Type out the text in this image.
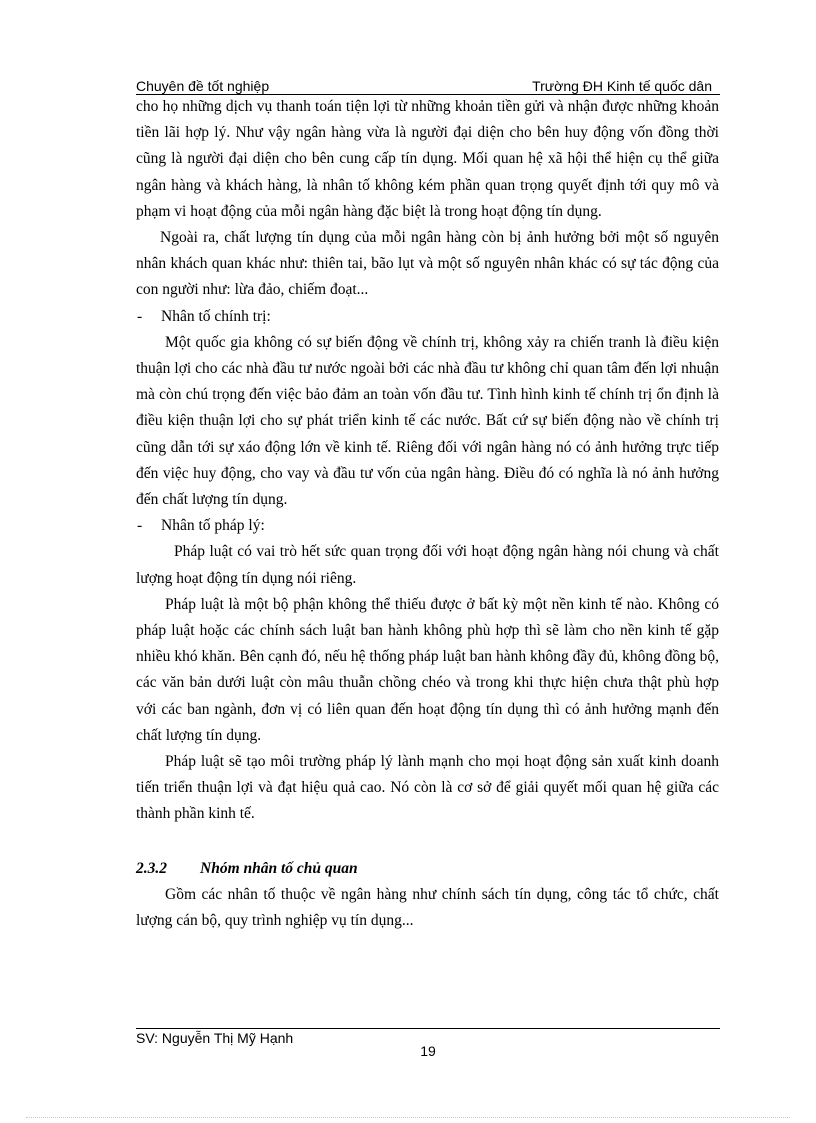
Chuyên đề tốt nghiệp	Trường ĐH Kinh tế quốc dân

cho họ những dịch vụ thanh toán tiện lợi từ những khoản tiền gửi và nhận được những khoản tiền lãi hợp lý. Như vậy ngân hàng vừa là người đại diện cho bên huy động vốn đồng thời cũng là người đại diện cho bên cung cấp tín dụng. Mối quan hệ xã hội thể hiện cụ thể giữa ngân hàng và khách hàng, là nhân tố không kém phần quan trọng quyết định tới quy mô và phạm vi hoạt động của mỗi ngân hàng đặc biệt là trong hoạt động tín dụng.

Ngoài ra, chất lượng tín dụng của mỗi ngân hàng còn bị ảnh hưởng bởi một số nguyên nhân khách quan khác như: thiên tai, bão lụt và một số nguyên nhân khác có sự tác động của con người như: lừa đảo, chiếm đoạt...

- Nhân tố chính trị:

Một quốc gia không có sự biến động về chính trị, không xảy ra chiến tranh là điều kiện thuận lợi cho các nhà đầu tư nước ngoài bởi các nhà đầu tư không chỉ quan tâm đến lợi nhuận mà còn chú trọng đến việc bảo đảm an toàn vốn đầu tư. Tình hình kinh tế chính trị ổn định là điều kiện thuận lợi cho sự phát triển kinh tế các nước. Bất cứ sự biến động nào về chính trị cũng dẫn tới sự xáo động lớn về kinh tế. Riêng đối với ngân hàng nó có ảnh hưởng trực tiếp đến việc huy động, cho vay và đầu tư vốn của ngân hàng. Điều đó có nghĩa là nó ảnh hưởng đến chất lượng tín dụng.

- Nhân tố pháp lý:

Pháp luật có vai trò hết sức quan trọng đối với hoạt động ngân hàng nói chung và chất lượng hoạt động tín dụng nói riêng.

Pháp luật là một bộ phận không thể thiếu được ở bất kỳ một nền kinh tế nào. Không có pháp luật hoặc các chính sách luật ban hành không phù hợp thì sẽ làm cho nền kinh tế gặp nhiều khó khăn. Bên cạnh đó, nếu hệ thống pháp luật ban hành không đầy đủ, không đồng bộ, các văn bản dưới luật còn mâu thuẫn chồng chéo và trong khi thực hiện chưa thật phù hợp với các ban ngành, đơn vị có liên quan đến hoạt động tín dụng thì có ảnh hưởng mạnh đến chất lượng tín dụng.

Pháp luật sẽ tạo môi trường pháp lý lành mạnh cho mọi hoạt động sản xuất kinh doanh tiến triển thuận lợi và đạt hiệu quả cao. Nó còn là cơ sở để giải quyết mối quan hệ giữa các thành phần kinh tế.

2.3.2 Nhóm nhân tố chủ quan

Gồm các nhân tố thuộc về ngân hàng như chính sách tín dụng, công tác tổ chức, chất lượng cán bộ, quy trình nghiệp vụ tín dụng...

SV: Nguyễn Thị Mỹ Hạnh
19
